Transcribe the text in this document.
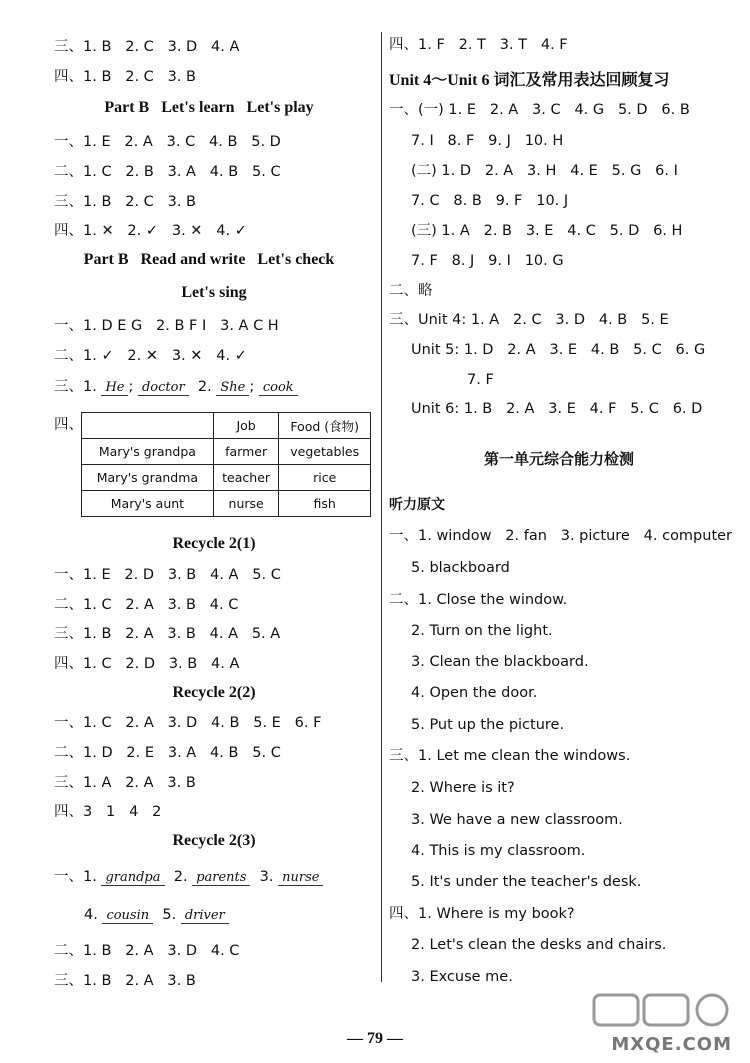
三、1. B   2. C   3. D   4. A
四、1. B   2. C   3. B
Part B   Let's learn   Let's play
一、1. E   2. A   3. C   4. B   5. D
二、1. C   2. B   3. A   4. B   5. C
三、1. B   2. C   3. B
四、1. ✕   2. ✓   3. ✕   4. ✓
Part B   Read and write   Let's check
Let's sing
一、1. D E G   2. B F I   3. A C H
二、1. ✓   2. ✕   3. ✕   4. ✓
三、1. He ; doctor 2. She ; cook
四、
		Job	Food (食物)
Mary's grandpa	farmer	vegetables
Mary's grandma	teacher	rice
Mary's aunt	nurse	fish
Recycle 2(1)
一、1. E   2. D   3. B   4. A   5. C
二、1. C   2. A   3. B   4. C
三、1. B   2. A   3. B   4. A   5. A
四、1. C   2. D   3. B   4. A
Recycle 2(2)
一、1. C   2. A   3. D   4. B   5. E   6. F
二、1. D   2. E   3. A   4. B   5. C
三、1. A   2. A   3. B
四、3   1   4   2
Recycle 2(3)
一、1. grandpa 2. parents 3. nurse
4. cousin 5. driver
二、1. B   2. A   3. D   4. C
三、1. B   2. A   3. B
四、1. F   2. T   3. T   4. F
Unit 4～Unit 6 词汇及常用表达回顾复习
一、(一) 1. E   2. A   3. C   4. G   5. D   6. B
7. I   8. F   9. J   10. H
(二) 1. D   2. A   3. H   4. E   5. G   6. I
7. C   8. B   9. F   10. J
(三) 1. A   2. B   3. E   4. C   5. D   6. H
7. F   8. J   9. I   10. G
二、略
三、Unit 4: 1. A   2. C   3. D   4. B   5. E
Unit 5: 1. D   2. A   3. E   4. B   5. C   6. G
7. F
Unit 6: 1. B   2. A   3. E   4. F   5. C   6. D
第一单元综合能力检测
听力原文
一、1. window   2. fan   3. picture   4. computer
5. blackboard
二、1. Close the window.
2. Turn on the light.
3. Clean the blackboard.
4. Open the door.
5. Put up the picture.
三、1. Let me clean the windows.
2. Where is it?
3. We have a new classroom.
4. This is my classroom.
5. It's under the teacher's desk.
四、1. Where is my book?
2. Let's clean the desks and chairs.
3. Excuse me.
— 79 —	MXQE.COM
